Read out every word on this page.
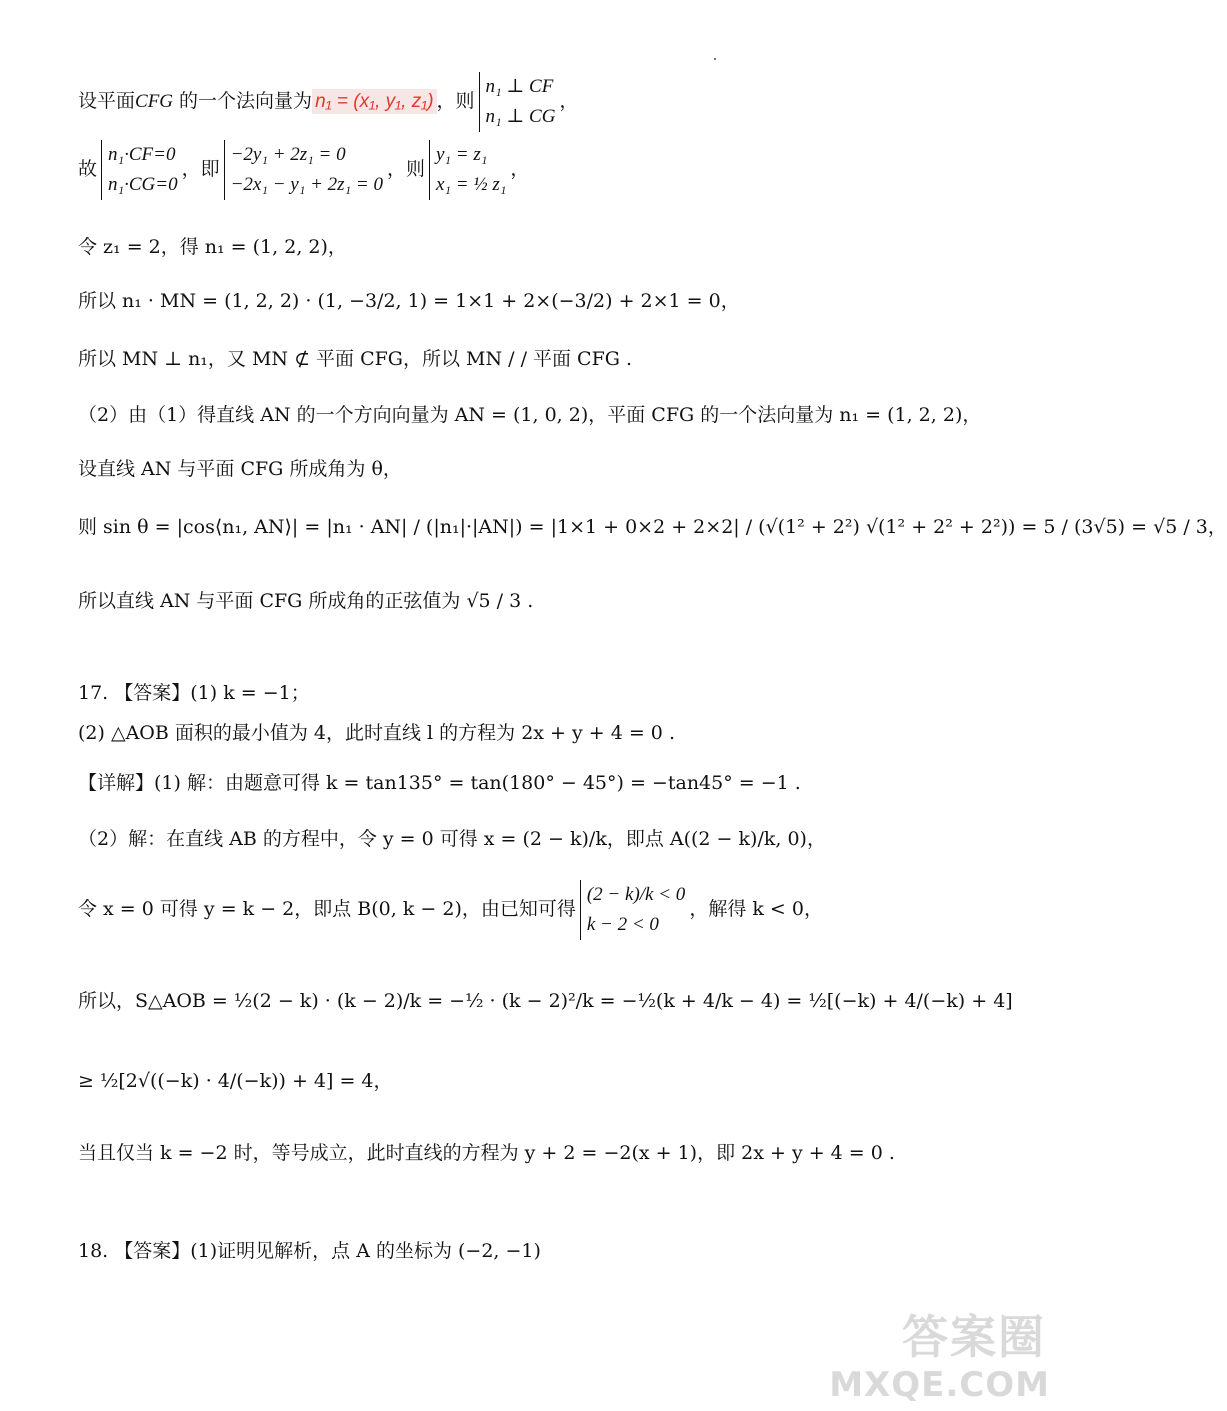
设平面CFG 的一个法向量为 n₁ = (x₁, y₁, z₁) ，则
n₁ ⊥ CF
n₁ ⊥ CG
，
故
n₁·CF=0
n₁·CG=0
，即
−2y₁ + 2z₁ = 0
−2x₁ − y₁ + 2z₁ = 0
，则
y₁ = z₁
x₁ = ½ z₁
，
令 z₁ = 2，得 n₁ = (1, 2, 2)，
所以 n₁ · MN = (1, 2, 2) · (1, −3/2, 1) = 1×1 + 2×(−3/2) + 2×1 = 0，
所以 MN ⊥ n₁，又 MN ⊄ 平面 CFG，所以 MN / / 平面 CFG .
（2）由（1）得直线 AN 的一个方向向量为 AN = (1, 0, 2)，平面 CFG 的一个法向量为 n₁ = (1, 2, 2)，
设直线 AN 与平面 CFG 所成角为 θ，
则 sin θ = |cos⟨n₁, AN⟩| = |n₁ · AN| / (|n₁|·|AN|) = |1×1 + 0×2 + 2×2| / (√(1² + 2²) √(1² + 2² + 2²)) = 5 / (3√5) = √5 / 3，
所以直线 AN 与平面 CFG 所成角的正弦值为 √5 / 3 .
17. 【答案】(1) k = −1；
(2) △AOB 面积的最小值为 4，此时直线 l 的方程为 2x + y + 4 = 0 .
【详解】(1) 解：由题意可得 k = tan135° = tan(180° − 45°) = −tan45° = −1 .
（2）解：在直线 AB 的方程中，令 y = 0 可得 x = (2 − k)/k，即点 A((2 − k)/k, 0)，
令 x = 0 可得 y = k − 2，即点 B(0, k − 2)，由已知可得
(2 − k)/k < 0
k − 2 < 0
，解得 k < 0，
所以，S△AOB = ½(2 − k) · (k − 2)/k = −½ · (k − 2)²/k = −½(k + 4/k − 4) = ½[(−k) + 4/(−k) + 4]
≥ ½[2√((−k) · 4/(−k)) + 4] = 4，
当且仅当 k = −2 时，等号成立，此时直线的方程为 y + 2 = −2(x + 1)，即 2x + y + 4 = 0 .
18. 【答案】(1)证明见解析，点 A 的坐标为 (−2, −1)
答案圈
MXQE.COM
